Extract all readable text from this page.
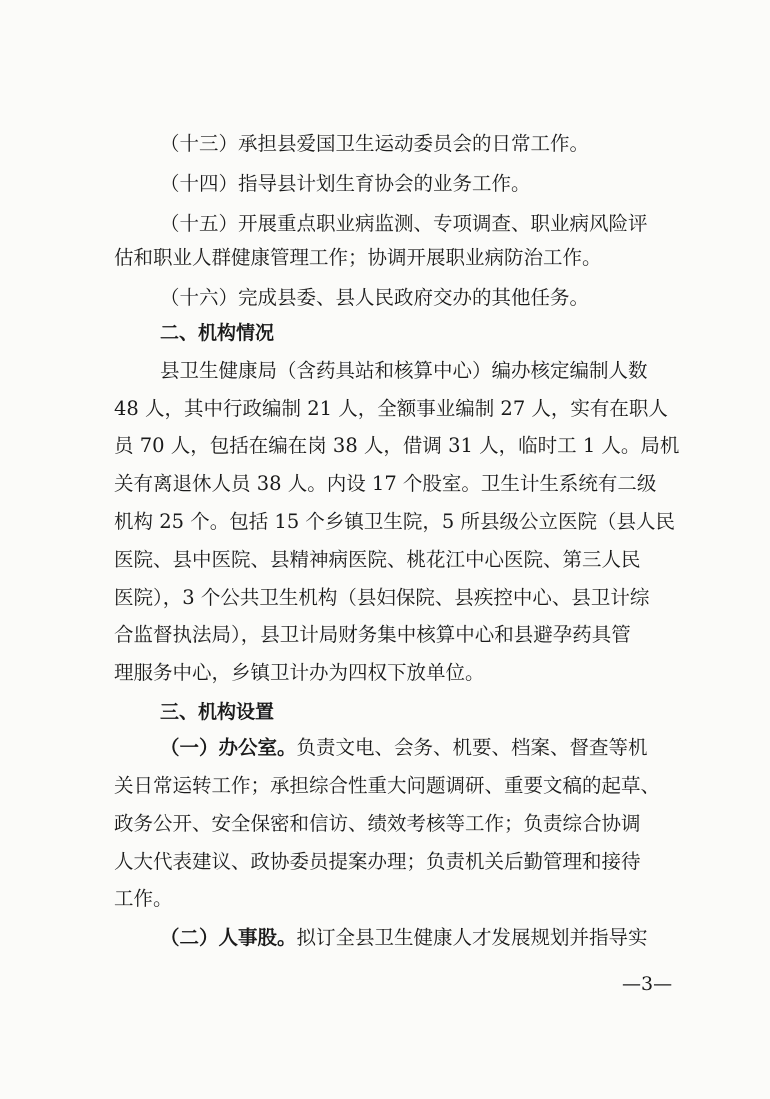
（十三）承担县爱国卫生运动委员会的日常工作。
（十四）指导县计划生育协会的业务工作。
（十五）开展重点职业病监测、专项调查、职业病风险评
估和职业人群健康管理工作；协调开展职业病防治工作。
（十六）完成县委、县人民政府交办的其他任务。
二、机构情况
县卫生健康局（含药具站和核算中心）编办核定编制人数
48 人，其中行政编制 21 人，全额事业编制 27 人，实有在职人
员 70 人，包括在编在岗 38 人，借调 31 人，临时工 1 人。局机
关有离退休人员 38 人。内设 17 个股室。卫生计生系统有二级
机构 25 个。包括 15 个乡镇卫生院，5 所县级公立医院（县人民
医院、县中医院、县精神病医院、桃花江中心医院、第三人民
医院），3 个公共卫生机构（县妇保院、县疾控中心、县卫计综
合监督执法局），县卫计局财务集中核算中心和县避孕药具管
理服务中心，乡镇卫计办为四权下放单位。
三、机构设置
（一）办公室。负责文电、会务、机要、档案、督查等机
关日常运转工作；承担综合性重大问题调研、重要文稿的起草、
政务公开、安全保密和信访、绩效考核等工作；负责综合协调
人大代表建议、政协委员提案办理；负责机关后勤管理和接待
工作。
（二）人事股。拟订全县卫生健康人才发展规划并指导实
—3—
